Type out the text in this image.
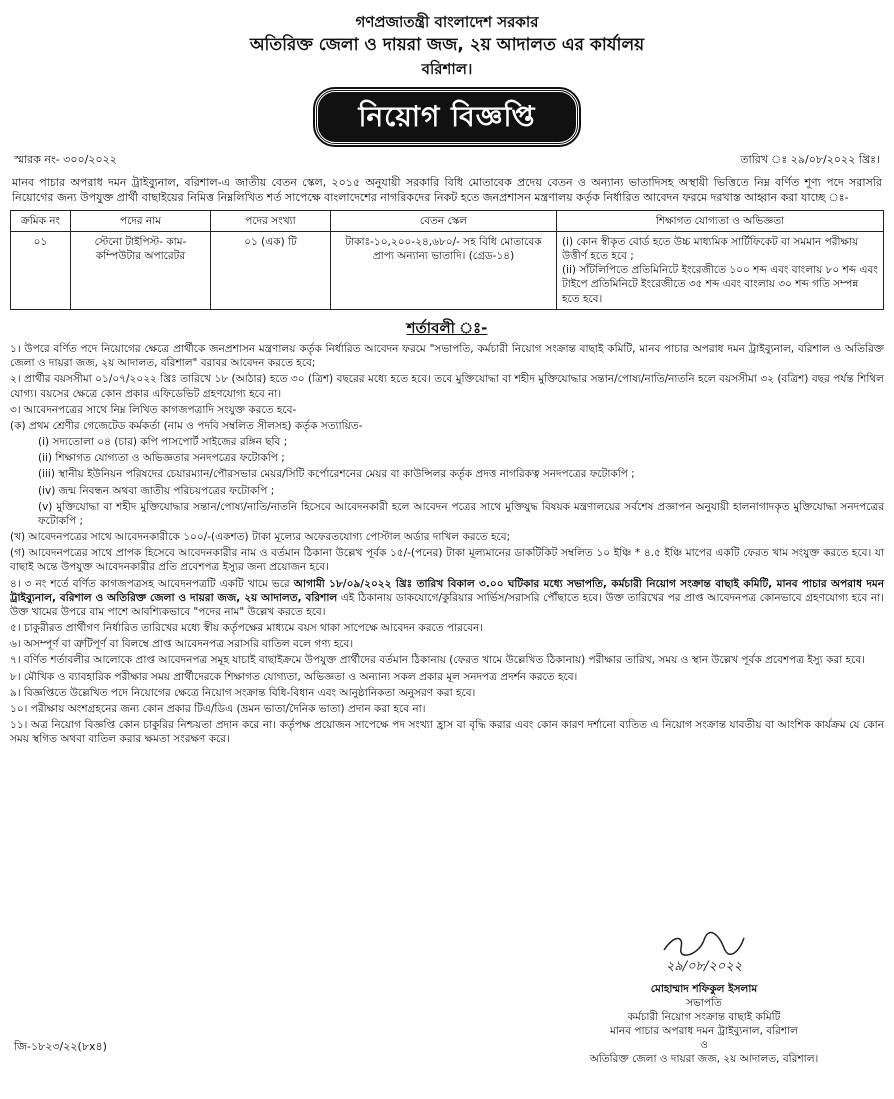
গণপ্রজাতন্ত্রী বাংলাদেশ সরকার
অতিরিক্ত জেলা ও দায়রা জজ, ২য় আদালত এর কার্যালয়
বরিশাল।
নিয়োগ বিজ্ঞপ্তি
স্মারক নং- ৩০০/২০২২	তারিখ ঃ ২৯/০৮/২০২২ খ্রিঃ।
মানব পাচার অপরাধ দমন ট্রাইব্যুনাল, বরিশাল-এ জাতীয় বেতন স্কেল, ২০১৫ অনুযায়ী সরকারি বিধি মোতাবেক প্রদেয় বেতন ও অন্যান্য ভাতাদিসহ অস্থায়ী ভিত্তিতে নিম্ন বর্ণিত শূণ্য পদে সরাসরি নিয়োগের জন্য উপযুক্ত প্রার্থী বাছাইয়ের নিমিত্ত নিম্নলিখিত শর্ত সাপেক্ষে বাংলাদেশের নাগরিকদের নিকট হতে জনপ্রশাসন মন্ত্রণালয় কর্তৃক নির্ধারিত আবেদন ফরমে দরখাস্ত আহ্বান করা যাচ্ছে ঃ-
ক্রমিক নং	পদের নাম	পদের সংখ্যা	বেতন স্কেল	শিক্ষাগত যোগ্যতা ও অভিজ্ঞতা
০১	স্টেনো টাইপিস্ট- কাম-কম্পিউটার অপারেটর	০১ (এক) টি	টাকাঃ-১০,২০০-২৪,৬৮০/- সহ বিধি মোতাবেক প্রাপ্য অন্যান্য ভাতাদি। (গ্রেড-১৪)	(i) কোন স্বীকৃত বোর্ড হতে উচ্চ মাধ্যমিক সার্টিফিকেট বা সমমান পরীক্ষায় উত্তীর্ণ হতে হবে ;
(ii) সাঁটলিপিতে প্রতিমিনিটে ইংরেজীতে ১০০ শব্দ এবং বাংলায় ৮০ শব্দ এবং টাইপে প্রতিমিনিটে ইংরেজীতে ৩৫ শব্দ এবং বাংলায় ৩০ শব্দ গতি সম্পন্ন হতে হবে।
শর্তাবলী ঃ-

১। উপরে বর্ণিত পদে নিয়োগের ক্ষেত্রে প্রার্থীকে জনপ্রশাসন মন্ত্রণালয় কর্তৃক নির্ধারিত আবেদন ফরমে "সভাপতি, কর্মচারী নিয়োগ সংক্রান্ত বাছাই কমিটি, মানব পাচার অপরাধ দমন ট্রাইব্যুনাল, বরিশাল ও অতিরিক্ত জেলা ও দায়রা জজ, ২য় আদালত, বরিশাল" বরাবর আবেদন করতে হবে;

২। প্রার্থীর বয়সসীমা ০১/০৭/২০২২ খ্রিঃ তারিখে ১৮ (আঠার) হতে ৩০ (ত্রিশ) বছরের মধ্যে হতে হবে। তবে মুক্তিযোদ্ধা বা শহীদ মুক্তিযোদ্ধার সন্তান/পোষ্য/নাতি/নাতনি হলে বয়সসীমা ৩২ (বত্রিশ) বছর পর্যন্ত শিথিল যোগ্য। বয়সের ক্ষেত্রে কোন প্রকার এফিডেভিট গ্রহণযোগ্য হবে না।

৩। আবেদনপত্রের সাথে নিম্ন লিখিত কাগজপত্রাদি সংযুক্ত করতে হবে-

(ক) প্রথম শ্রেণীর গেজেটেড কর্মকর্তা (নাম ও পদবি সম্বলিত সীলসহ) কর্তৃক সত্যায়িত-

(i) সদ্যতোলা ০৪ (চার) কপি পাসপোর্ট সাইজের রঙ্গিন ছবি ;

(ii) শিক্ষাগত যোগ্যতা ও অভিজ্ঞতার সনদপত্রের ফটোকপি ;

(iii) স্থানীয় ইউনিয়ন পরিষদের চেয়ারম্যান/পৌরসভার মেয়র/সিটি কর্পোরেশনের মেয়র বা কাউন্সিলর কর্তৃক প্রদত্ত নাগরিকত্ব সনদপত্রের ফটোকপি ;

(iv) জন্ম নিবন্ধন অথবা জাতীয় পরিচয়পত্রের ফটোকপি ;

(v) মুক্তিযোদ্ধা বা শহীদ মুক্তিযোদ্ধার সন্তান/পোষ্য/নাতি/নাতনি হিসেবে আবেদনকারী হলে আবেদন পত্রের সাথে মুক্তিযুদ্ধ বিষয়ক মন্ত্রণালয়ের সর্বশেষ প্রজ্ঞাপন অনুযায়ী হালনাগাদকৃত মুক্তিযোদ্ধা সনদপত্রের ফটোকপি ;

(খ) আবেদনপত্রের সাথে আবেদনকারীকে ১০০/-(একশত) টাকা মূল্যের অফেরতযোগ্য পোস্টাল অর্ডার দাখিল করতে হবে;

(গ) আবেদনপত্রের সাথে প্রাপক হিসেবে আবেদনকারীর নাম ও বর্তমান ঠিকানা উল্লেখ পূর্বক ১৫/-(পনের) টাকা মূল্যমানের ডাকটিকিট সম্বলিত ১০ ইঞ্চি * ৪.৫ ইঞ্চি মাপের একটি ফেরত খাম সংযুক্ত করতে হবে। যা বাছাই অন্তে উপযুক্ত আবেদনকারীর প্রতি প্রবেশপত্র ইস্যুর জন্য প্রয়োজন হবে।

৪। ৩ নং শর্তে বর্ণিত কাগজপত্রসহ আবেদনপত্রটি একটি খামে ভরে আগামী ১৮/০৯/২০২২ খ্রিঃ তারিখ বিকাল ৩.০০ ঘটিকার মধ্যে সভাপতি, কর্মচারী নিয়োগ সংক্রান্ত বাছাই কমিটি, মানব পাচার অপরাধ দমন ট্রাইব্যুনাল, বরিশাল ও অতিরিক্ত জেলা ও দায়রা জজ, ২য় আদালত, বরিশাল এই ঠিকানায় ডাকযোগে/কুরিয়ার সার্ভিস/সরাসরি পৌঁছাতে হবে। উক্ত তারিখের পর প্রাপ্ত আবেদনপত্র কোনভাবে গ্রহণযোগ্য হবে না। উক্ত খামের উপরে বাম পাশে আবশ্যিকভাবে "পদের নাম" উল্লেখ করতে হবে।

৫। চাকুরীরত প্রার্থীগণ নির্ধারিত তারিখের মধ্যে স্বীয় কর্তৃপক্ষের মাধ্যমে বয়স থাকা সাপেক্ষে আবেদন করতে পারবেন।

৬। অসম্পূর্ণ বা ত্রুটিপূর্ণ বা বিলম্বে প্রাপ্ত আবেদনপত্র সরাসরি বাতিল বলে গণ্য হবে।

৭। বর্ণিত শর্তাবলীর আলোকে প্রাপ্ত আবেদনপত্র সমূহ যাচাই বাছাইক্রমে উপযুক্ত প্রার্থীদের বর্তমান ঠিকানায় (ফেরত খামে উল্লেখিত ঠিকানায়) পরীক্ষার তারিখ, সময় ও স্থান উল্লেখ পূর্বক প্রবেশপত্র ইস্যু করা হবে।

৮। মৌখিক ও ব্যাবহারিক পরীক্ষার সময় প্রার্থীদেরকে শিক্ষাগত যোগ্যতা, অভিজ্ঞতা ও অন্যান্য সকল প্রকার মূল সনদপত্র প্রদর্শন করতে হবে।

৯। বিজ্ঞপ্তিতে উল্লেখিত পদে নিয়োগের ক্ষেত্রে নিয়োগ সংক্রান্ত বিধি-বিধান এবং আনুষ্ঠানিকতা অনুসরণ করা হবে।

১০। পরীক্ষায় অংশগ্রহনের জন্য কোন প্রকার টিএ/ডিএ (ভ্রমন ভাতা/দৈনিক ভাতা) প্রদান করা হবে না।

১১। অত্র নিয়োগ বিজ্ঞপ্তি কোন চাকুরির নিশ্চয়তা প্রদান করে না। কর্তৃপক্ষ প্রয়োজন সাপেক্ষে পদ সংখ্যা হ্রাস বা বৃদ্ধি করার এবং কোন কারণ দর্শানো ব্যতিত এ নিয়োগ সংক্রান্ত যাবতীয় বা আংশিক কার্যক্রম যে কোন সময় স্থগিত অথবা বাতিল করার ক্ষমতা সংরক্ষণ করে।

২৯/০৮/২০২২
মোহাম্মাদ শফিকুল ইসলাম
সভাপতি
কর্মচারী নিয়োগ সংক্রান্ত বাছাই কমিটি
মানব পাচার অপরাধ দমন ট্রাইব্যুনাল, বরিশাল
ও
অতিরিক্ত জেলা ও দায়রা জজ, ২য় আদালত, বরিশাল।
জি-১৮২৩/২২(৮x৪)
